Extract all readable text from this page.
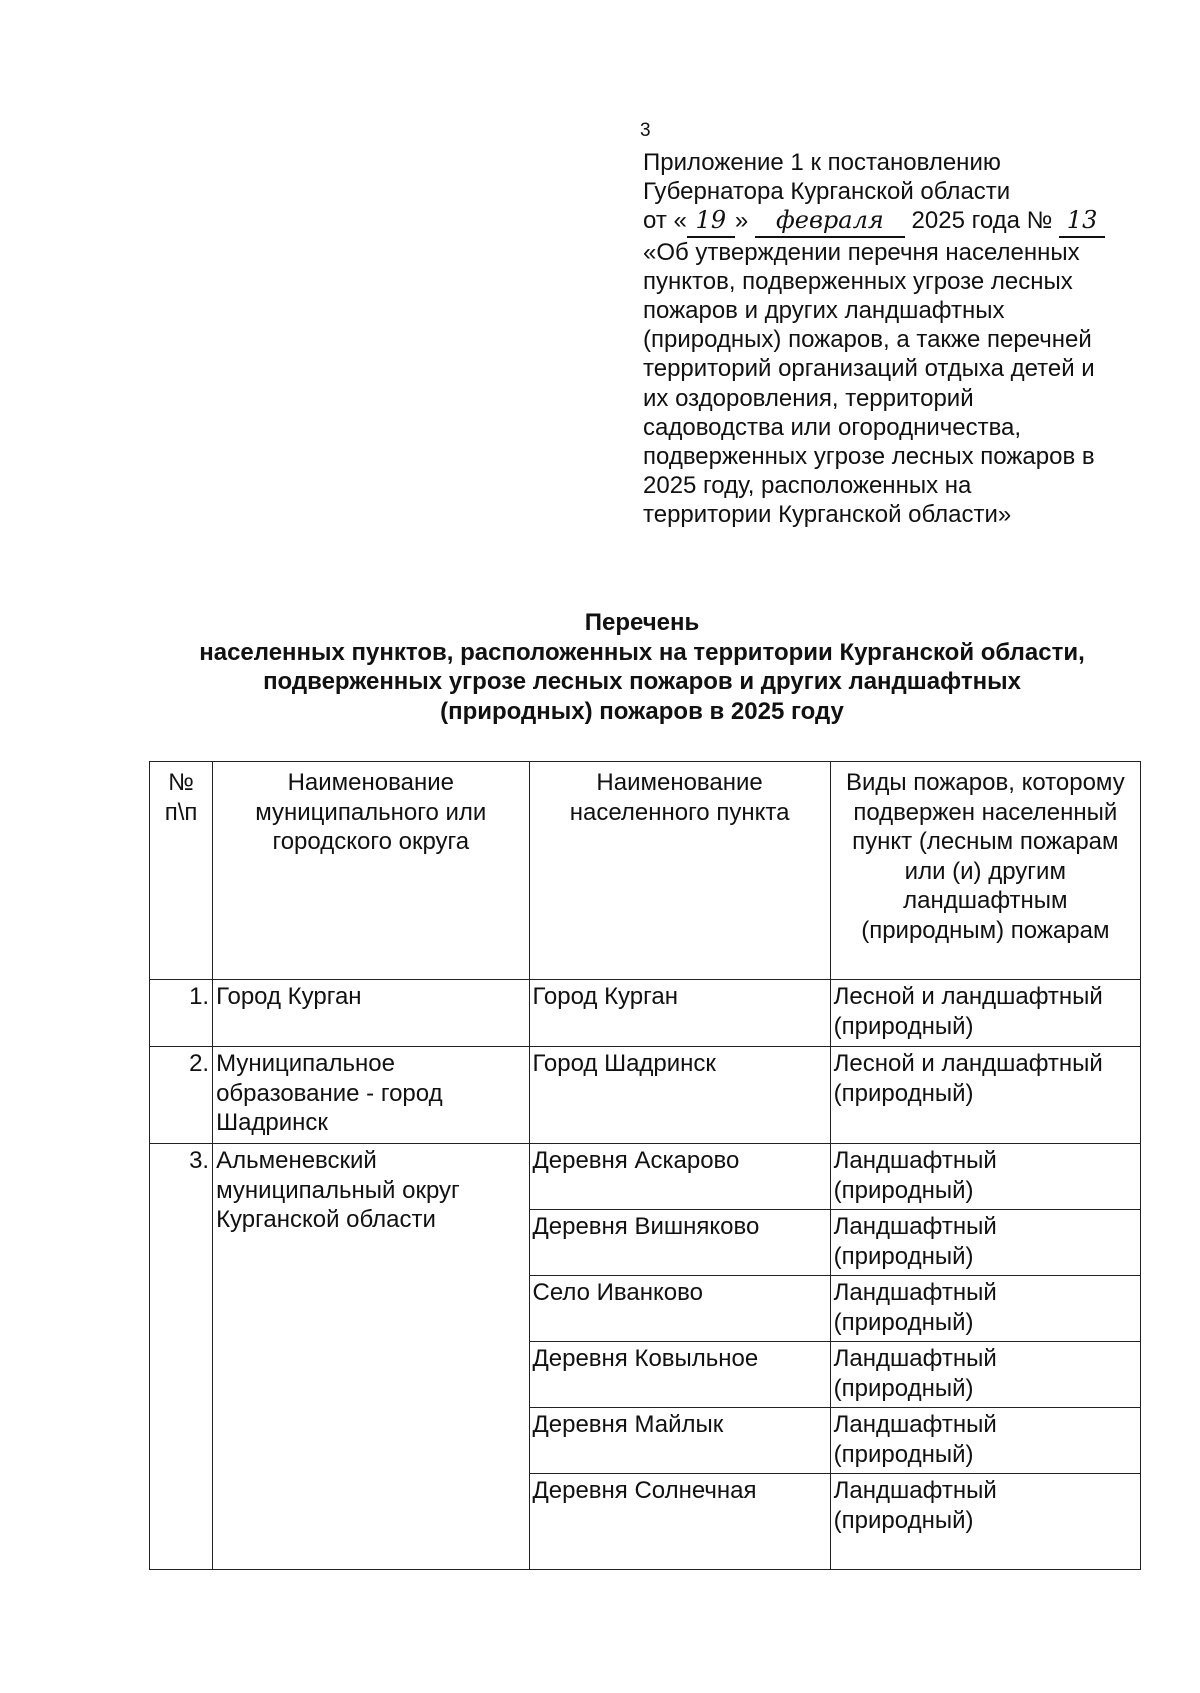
3
Приложение 1 к постановлению
Губернатора Курганской области
от « 19 » февраля 2025 года № 13
«Об утверждении перечня населенных
пунктов, подверженных угрозе лесных
пожаров и других ландшафтных
(природных) пожаров, а также перечней
территорий организаций отдыха детей и
их оздоровления, территорий
садоводства или огородничества,
подверженных угрозе лесных пожаров в
2025 году, расположенных на
территории Курганской области»
Перечень
населенных пунктов, расположенных на территории Курганской области,
подверженных угрозе лесных пожаров и других ландшафтных
(природных) пожаров в 2025 году
№ п\п	Наименование муниципального или городского округа	Наименование населенного пункта	Виды пожаров, которому подвержен населенный пункт (лесным пожарам или (и) другим ландшафтным (природным) пожарам
1.	Город Курган	Город Курган	Лесной и ландшафтный (природный)
2.	Муниципальное образование - город Шадринск	Город Шадринск	Лесной и ландшафтный (природный)
3.	Альменевский муниципальный округ Курганской области	Деревня Аскарово	Ландшафтный (природный)
		Деревня Вишняково	Ландшафтный (природный)
		Село Иванково	Ландшафтный (природный)
		Деревня Ковыльное	Ландшафтный (природный)
		Деревня Майлык	Ландшафтный (природный)
		Деревня Солнечная	Ландшафтный (природный)
